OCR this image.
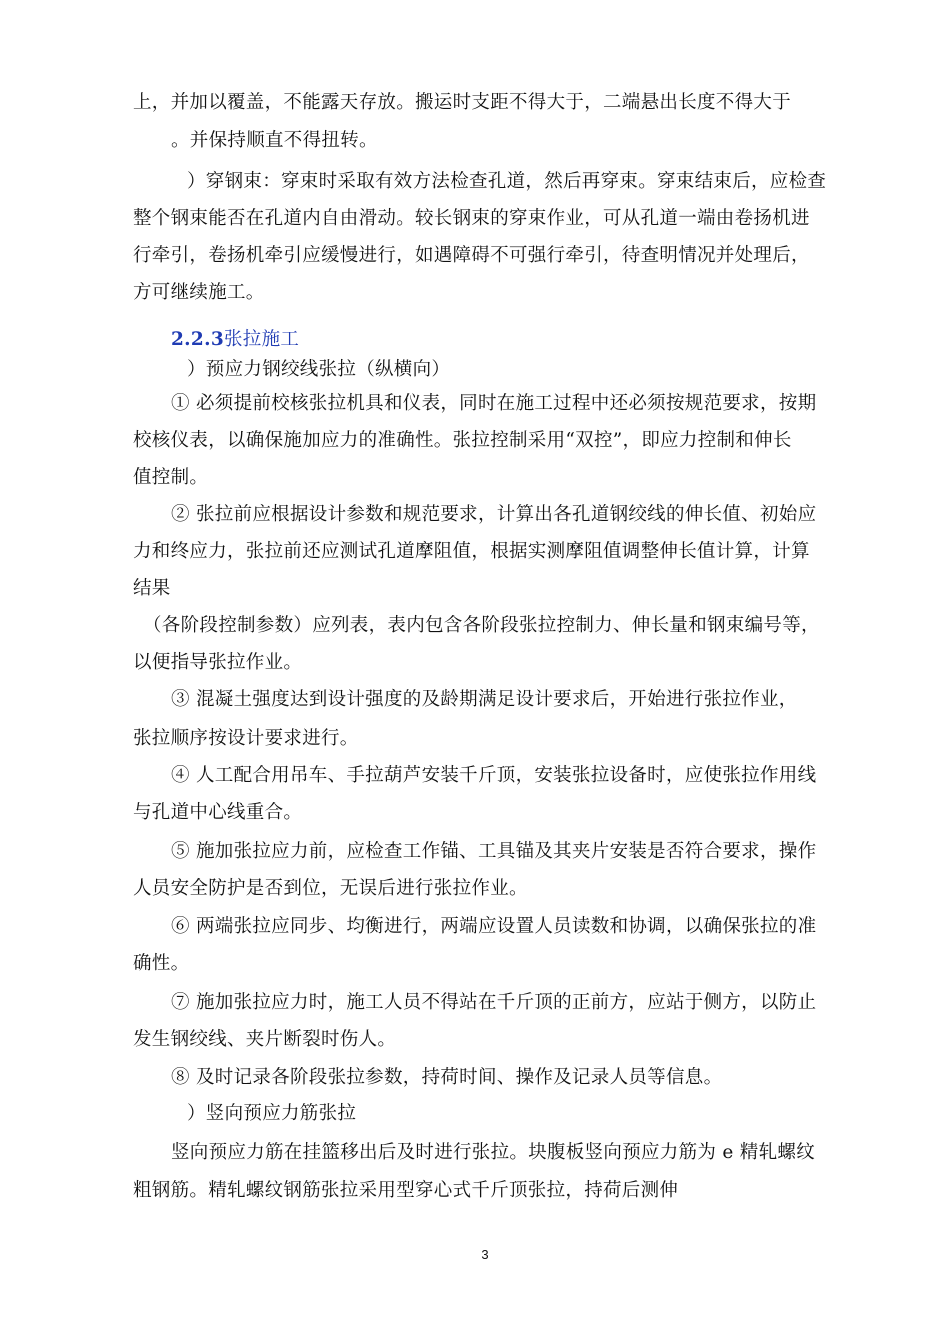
上，并加以覆盖，不能露天存放。搬运时支距不得大于，二端悬出长度不得大于
。并保持顺直不得扭转。
）穿钢束：穿束时采取有效方法检查孔道，然后再穿束。穿束结束后，应检查
整个钢束能否在孔道内自由滑动。较长钢束的穿束作业，可从孔道一端由卷扬机进
行牵引，卷扬机牵引应缓慢进行，如遇障碍不可强行牵引，待查明情况并处理后，
方可继续施工。
2.2.3张拉施工
）预应力钢绞线张拉（纵横向）
① 必须提前校核张拉机具和仪表，同时在施工过程中还必须按规范要求，按期
校核仪表，以确保施加应力的准确性。张拉控制采用“双控”，即应力控制和伸长
值控制。
② 张拉前应根据设计参数和规范要求，计算出各孔道钢绞线的伸长值、初始应
力和终应力，张拉前还应测试孔道摩阻值，根据实测摩阻值调整伸长值计算，计算
结果
（各阶段控制参数）应列表，表内包含各阶段张拉控制力、伸长量和钢束编号等，
以便指导张拉作业。
③ 混凝土强度达到设计强度的及龄期满足设计要求后，开始进行张拉作业，
张拉顺序按设计要求进行。
④ 人工配合用吊车、手拉葫芦安装千斤顶，安装张拉设备时，应使张拉作用线
与孔道中心线重合。
⑤ 施加张拉应力前，应检查工作锚、工具锚及其夹片安装是否符合要求，操作
人员安全防护是否到位，无误后进行张拉作业。
⑥ 两端张拉应同步、均衡进行，两端应设置人员读数和协调，以确保张拉的准
确性。
⑦ 施加张拉应力时，施工人员不得站在千斤顶的正前方，应站于侧方，以防止
发生钢绞线、夹片断裂时伤人。
⑧ 及时记录各阶段张拉参数，持荷时间、操作及记录人员等信息。
）竖向预应力筋张拉
竖向预应力筋在挂篮移出后及时进行张拉。块腹板竖向预应力筋为 e 精轧螺纹
粗钢筋。精轧螺纹钢筋张拉采用型穿心式千斤顶张拉，持荷后测伸
3
